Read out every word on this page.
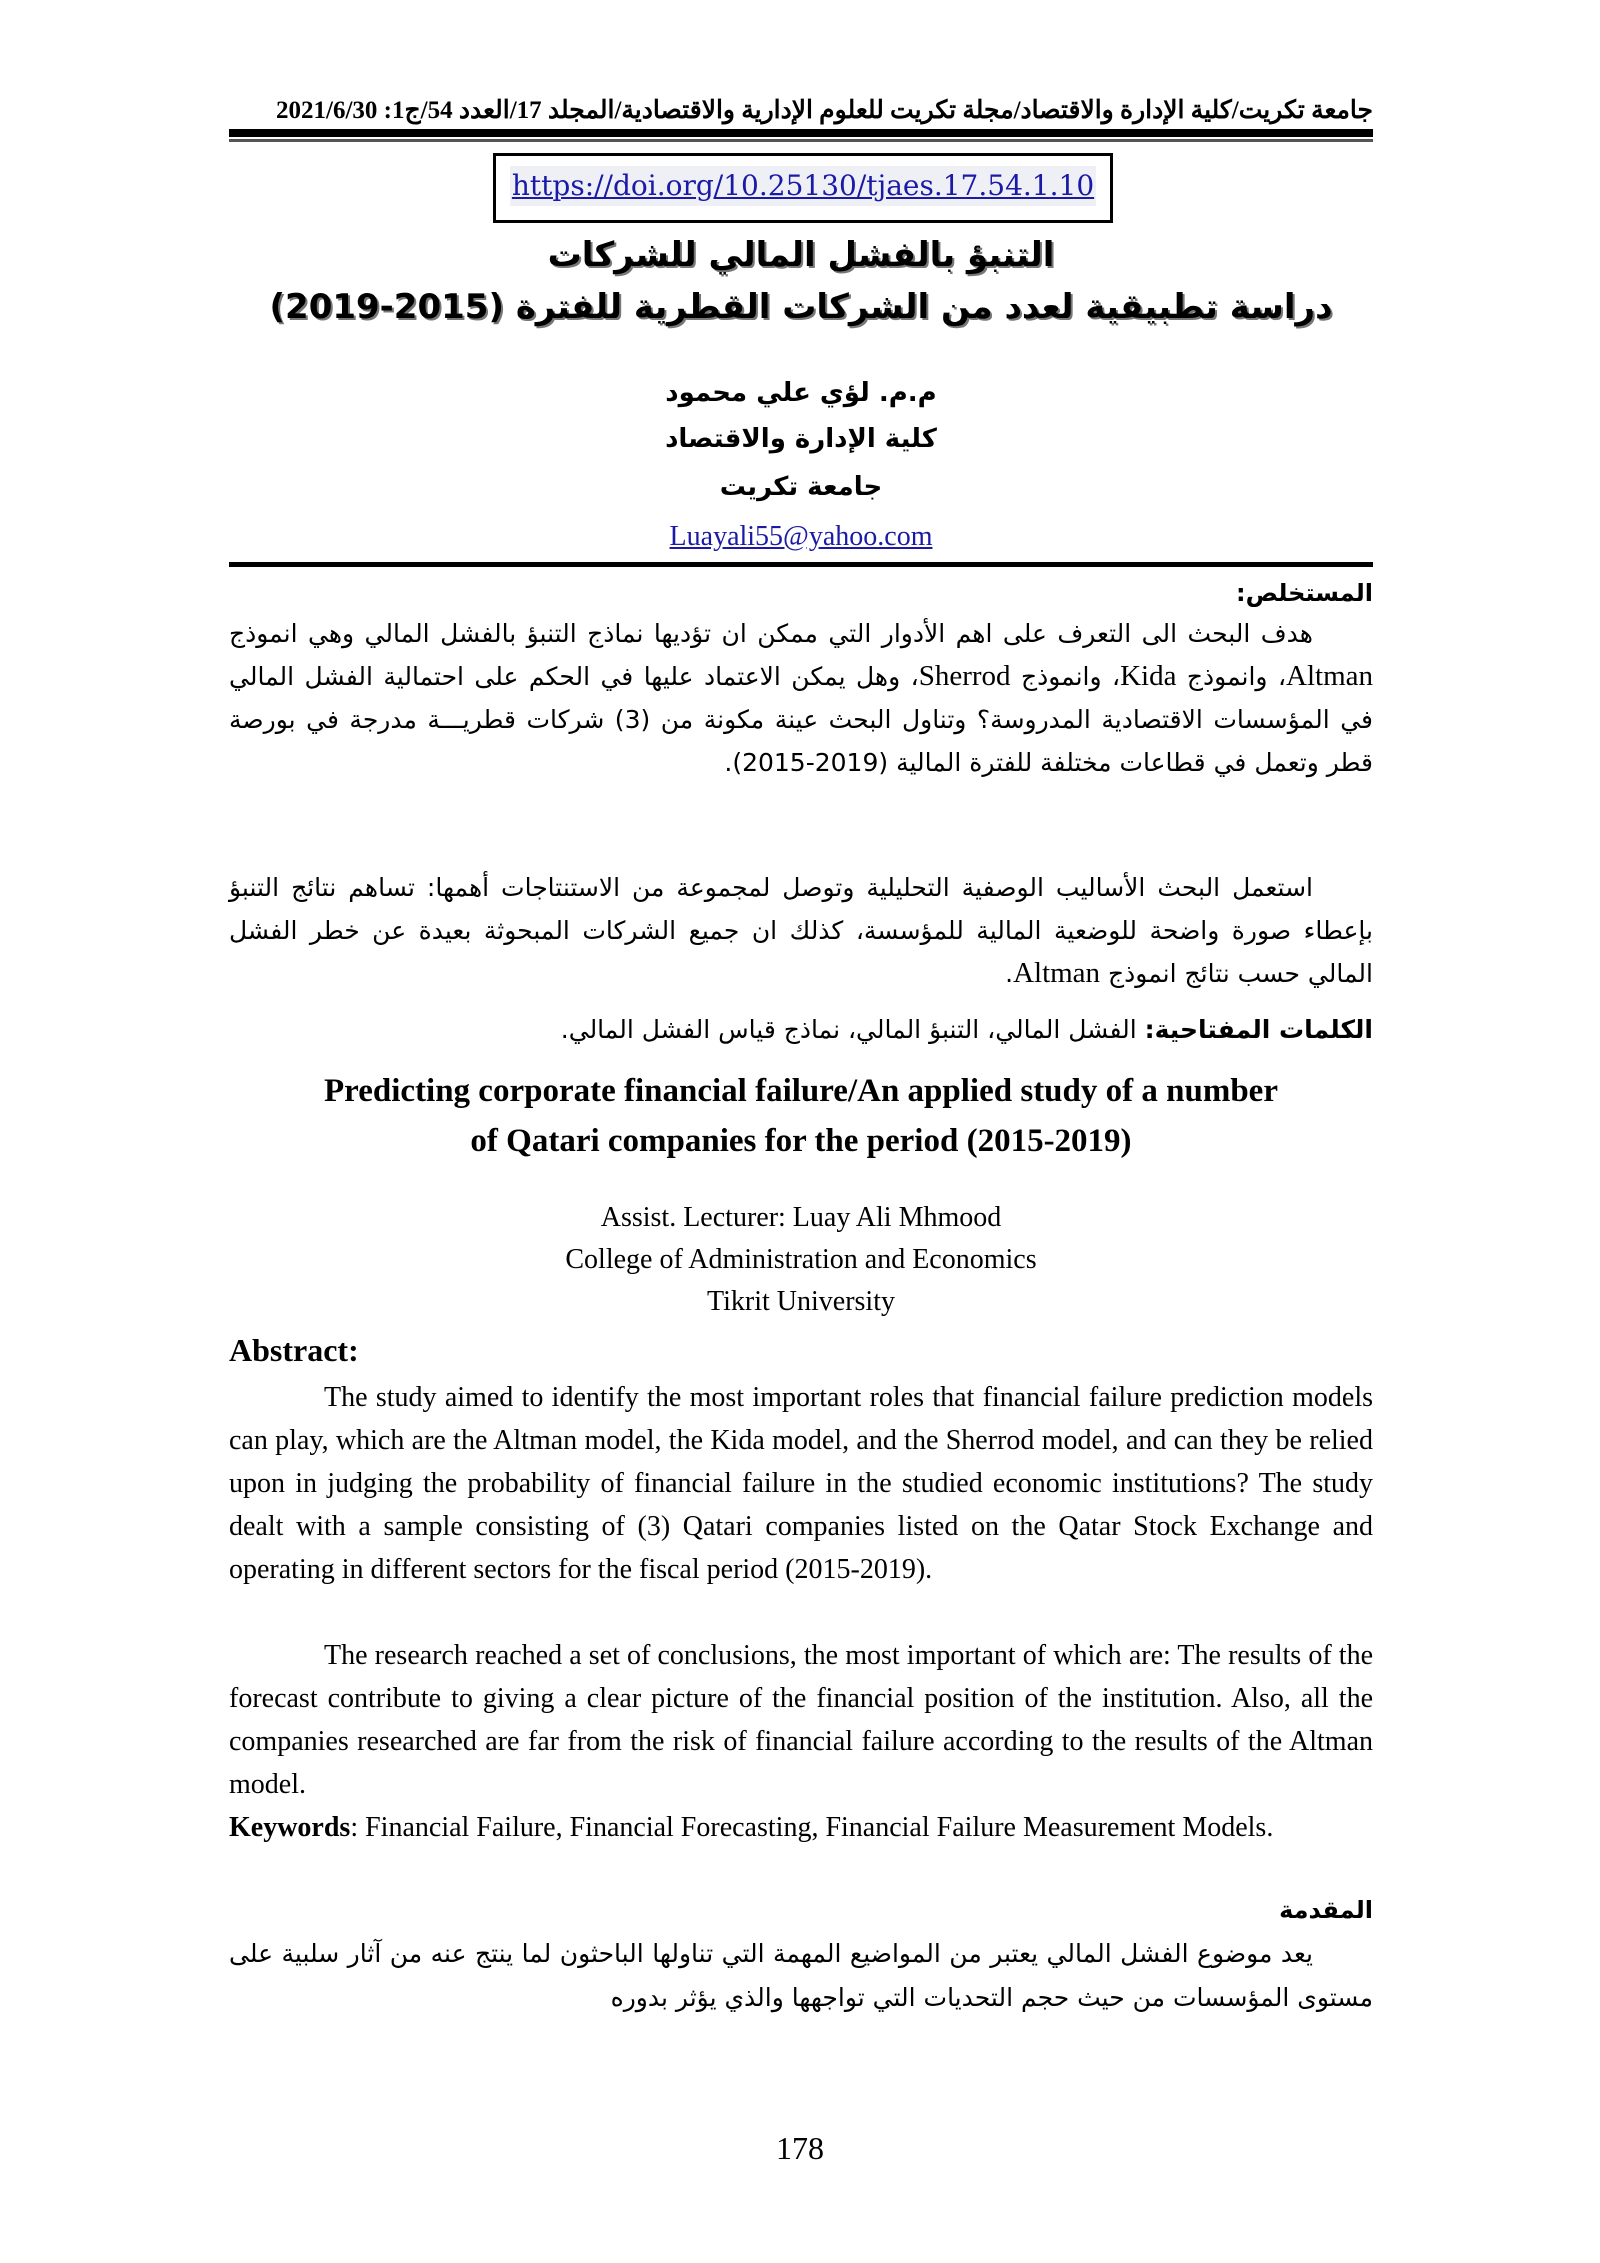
جامعة تكريت/كلية الإدارة والاقتصاد/مجلة تكريت للعلوم الإدارية والاقتصادية/المجلد 17/العدد 54/ج1: 2021/6/30
https://doi.org/10.25130/tjaes.17.54.1.10
التنبؤ بالفشل المالي للشركات
دراسة تطبيقية لعدد من الشركات القطرية للفترة (2015-2019)
م.م. لؤي علي محمود
كلية الإدارة والاقتصاد
جامعة تكريت
Luayali55@yahoo.com
المستخلص:
هدف البحث الى التعرف على اهم الأدوار التي ممكن ان تؤديها نماذج التنبؤ بالفشل المالي وهي انموذج Altman، وانموذج Kida، وانموذج Sherrod، وهل يمكن الاعتماد عليها في الحكم على احتمالية الفشل المالي في المؤسسات الاقتصادية المدروسة؟ وتناول البحث عينة مكونة من (3) شركات قطريـــة مدرجة في بورصة قطر وتعمل في قطاعات مختلفة للفترة المالية (2019-2015).
استعمل البحث الأساليب الوصفية التحليلية وتوصل لمجموعة من الاستنتاجات أهمها: تساهم نتائج التنبؤ بإعطاء صورة واضحة للوضعية المالية للمؤسسة، كذلك ان جميع الشركات المبحوثة بعيدة عن خطر الفشل المالي حسب نتائج انموذج Altman.
الكلمات المفتاحية: الفشل المالي، التنبؤ المالي، نماذج قياس الفشل المالي.
Predicting corporate financial failure/An applied study of a number
of Qatari companies for the period (2015-2019)
Assist. Lecturer: Luay Ali Mhmood
College of Administration and Economics
Tikrit University
Abstract:
The study aimed to identify the most important roles that financial failure prediction models can play, which are the Altman model, the Kida model, and the Sherrod model, and can they be relied upon in judging the probability of financial failure in the studied economic institutions? The study dealt with a sample consisting of (3) Qatari companies listed on the Qatar Stock Exchange and operating in different sectors for the fiscal period (2015-2019).
The research reached a set of conclusions, the most important of which are: The results of the forecast contribute to giving a clear picture of the financial position of the institution. Also, all the companies researched are far from the risk of financial failure according to the results of the Altman model.
Keywords: Financial Failure, Financial Forecasting, Financial Failure Measurement Models.
المقدمة
يعد موضوع الفشل المالي يعتبر من المواضيع المهمة التي تناولها الباحثون لما ينتج عنه من آثار سلبية على مستوى المؤسسات من حيث حجم التحديات التي تواجهها والذي يؤثر بدوره
178
